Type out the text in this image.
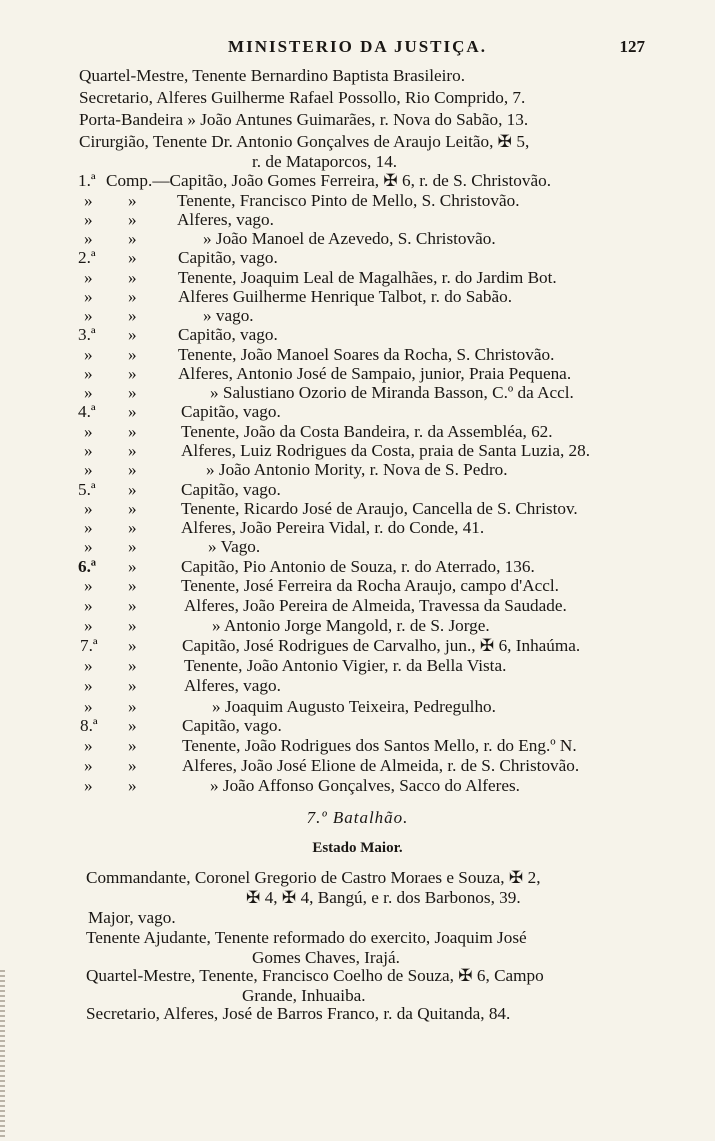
MINISTERIO DA JUSTIÇA.	127
Quartel-Mestre, Tenente Bernardino Baptista Brasileiro.
Secretario, Alferes Guilherme Rafael Possollo, Rio Comprido, 7.
Porta-Bandeira » João Antunes Guimarães, r. Nova do Sabão, 13.
Cirurgião, Tenente Dr. Antonio Gonçalves de Araujo Leitão, ✠ 5,
r. de Mataporcos, 14.
1.ª Comp.—Capitão, João Gomes Ferreira, ✠ 6, r. de S. Christovão.
» » Tenente, Francisco Pinto de Mello, S. Christovão.
» » Alferes, vago.
» »	» João Manoel de Azevedo, S. Christovão.
2.ª » Capitão, vago.
» » Tenente, Joaquim Leal de Magalhães, r. do Jardim Bot.
» » Alferes Guilherme Henrique Talbot, r. do Sabão.
» »	» vago.
3.ª » Capitão, vago.
» » Tenente, João Manoel Soares da Rocha, S. Christovão.
» » Alferes, Antonio José de Sampaio, junior, Praia Pequena.
» »	» Salustiano Ozorio de Miranda Basson, C.º da Accl.
4.ª »	Capitão, vago.
» »	Tenente, João da Costa Bandeira, r. da Assembléa, 62.
» »	Alferes, Luiz Rodrigues da Costa, praia de Santa Luzia, 28.
» »	» João Antonio Mority, r. Nova de S. Pedro.
5.ª »	Capitão, vago.
» »	Tenente, Ricardo José de Araujo, Cancella de S. Christov.
» »	Alferes, João Pereira Vidal, r. do Conde, 41.
» »	» Vago.
6.ª »	Capitão, Pio Antonio de Souza, r. do Aterrado, 136.
» »	Tenente, José Ferreira da Rocha Araujo, campo d'Accl.
» »	Alferes, João Pereira de Almeida, Travessa da Saudade.
» »	» Antonio Jorge Mangold, r. de S. Jorge.
7.ª »	Capitão, José Rodrigues de Carvalho, jun., ✠ 6, Inhaúma.
» »	Tenente, João Antonio Vigier, r. da Bella Vista.
» »	Alferes, vago.
» »	» Joaquim Augusto Teixeira, Pedregulho.
8.ª »	Capitão, vago.
» »	Tenente, João Rodrigues dos Santos Mello, r. do Eng.º N.
» »	Alferes, João José Elione de Almeida, r. de S. Christovão.
» »	» João Affonso Gonçalves, Sacco do Alferes.
7.º Batalhão.
Estado Maior.
Commandante, Coronel Gregorio de Castro Moraes e Souza, ✠ 2,
✠ 4, ✠ 4, Bangú, e r. dos Barbonos, 39.
Major, vago.
Tenente Ajudante, Tenente reformado do exercito, Joaquim José
Gomes Chaves, Irajá.
Quartel-Mestre, Tenente, Francisco Coelho de Souza, ✠ 6, Campo
Grande, Inhuaiba.
Secretario, Alferes, José de Barros Franco, r. da Quitanda, 84.
